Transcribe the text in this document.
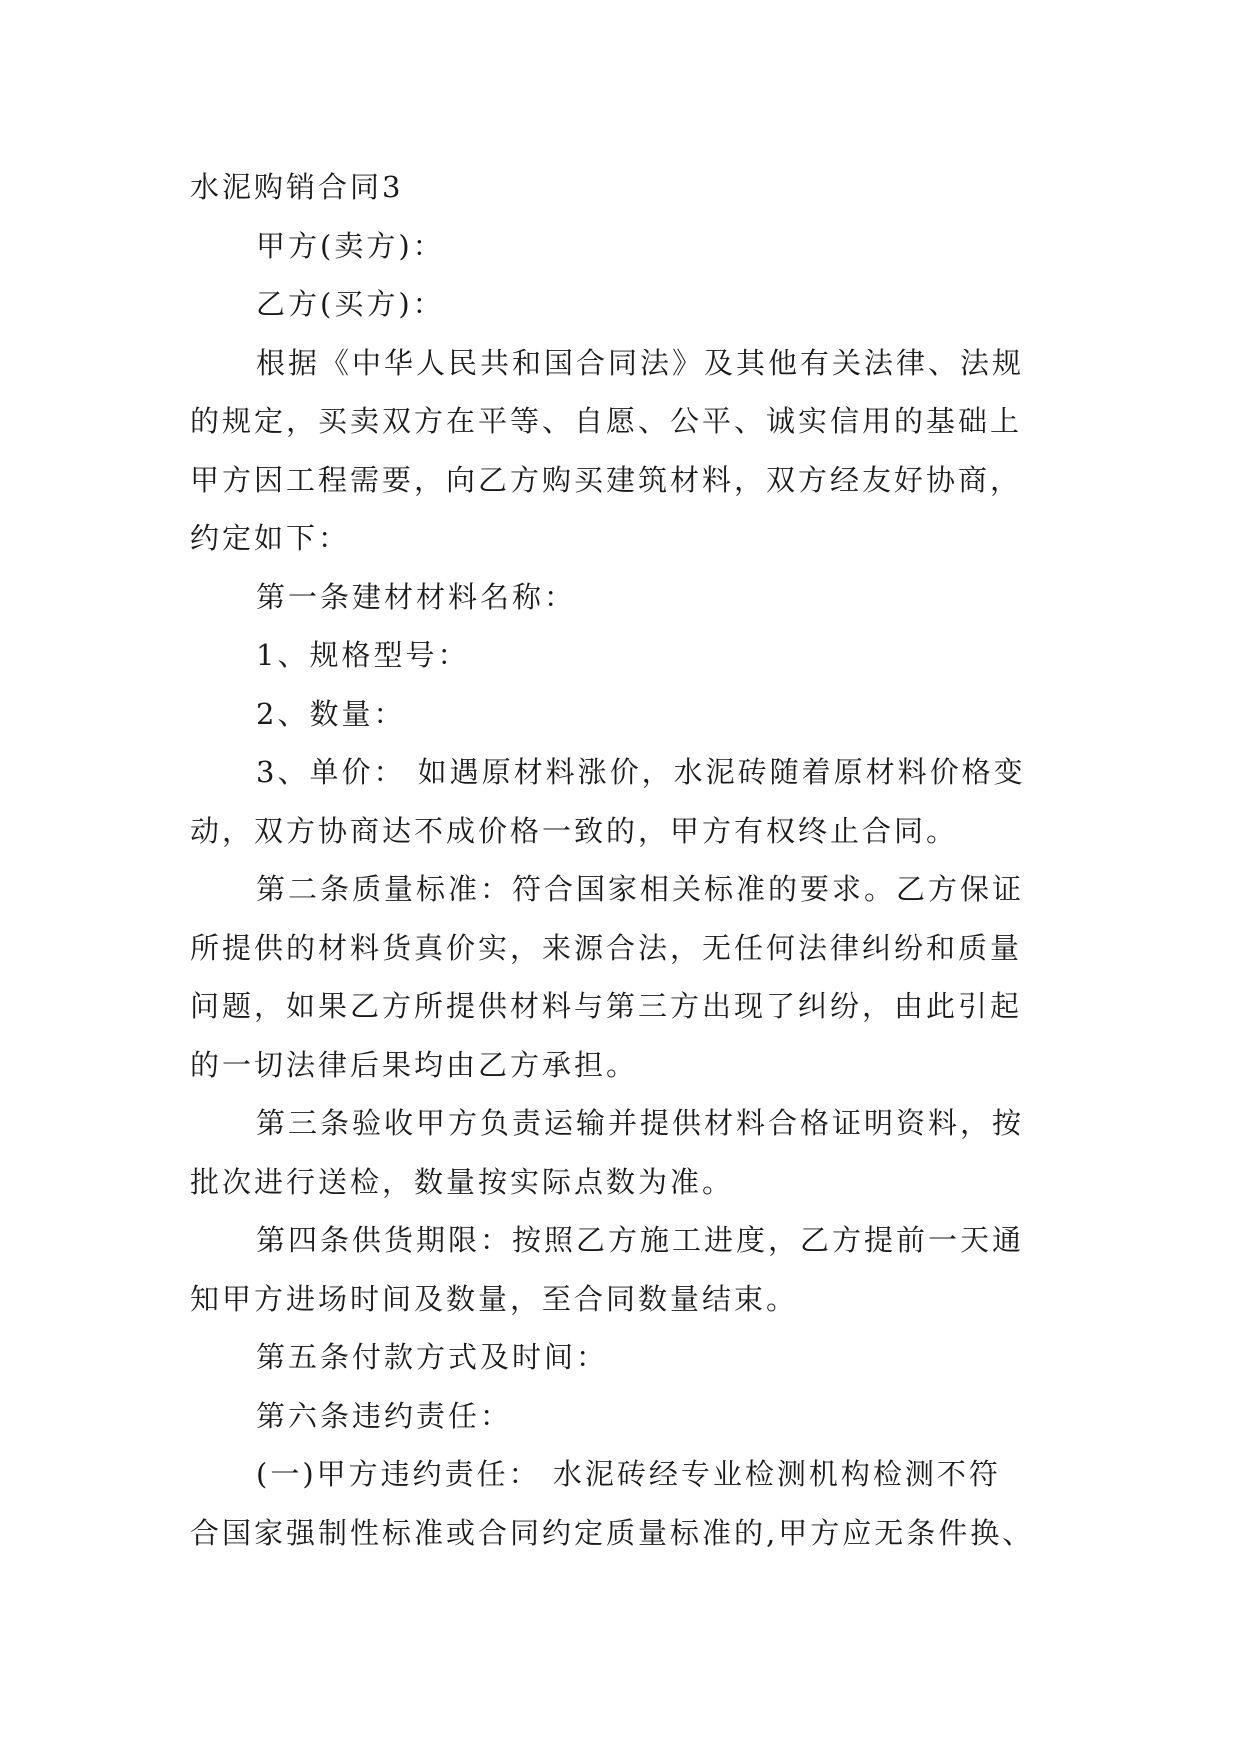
水泥购销合同3
甲方(卖方)：
乙方(买方)：
根据《中华人民共和国合同法》及其他有关法律、法规
的规定，买卖双方在平等、自愿、公平、诚实信用的基础上
甲方因工程需要，向乙方购买建筑材料，双方经友好协商，
约定如下：
第一条建材材料名称：
1、规格型号：
2、数量：
3、单价： 如遇原材料涨价，水泥砖随着原材料价格变
动，双方协商达不成价格一致的，甲方有权终止合同。
第二条质量标准：符合国家相关标准的要求。乙方保证
所提供的材料货真价实，来源合法，无任何法律纠纷和质量
问题，如果乙方所提供材料与第三方出现了纠纷，由此引起
的一切法律后果均由乙方承担。
第三条验收甲方负责运输并提供材料合格证明资料，按
批次进行送检，数量按实际点数为准。
第四条供货期限：按照乙方施工进度，乙方提前一天通
知甲方进场时间及数量，至合同数量结束。
第五条付款方式及时间：
第六条违约责任：
(一)甲方违约责任： 水泥砖经专业检测机构检测不符
合国家强制性标准或合同约定质量标准的,甲方应无条件换、
